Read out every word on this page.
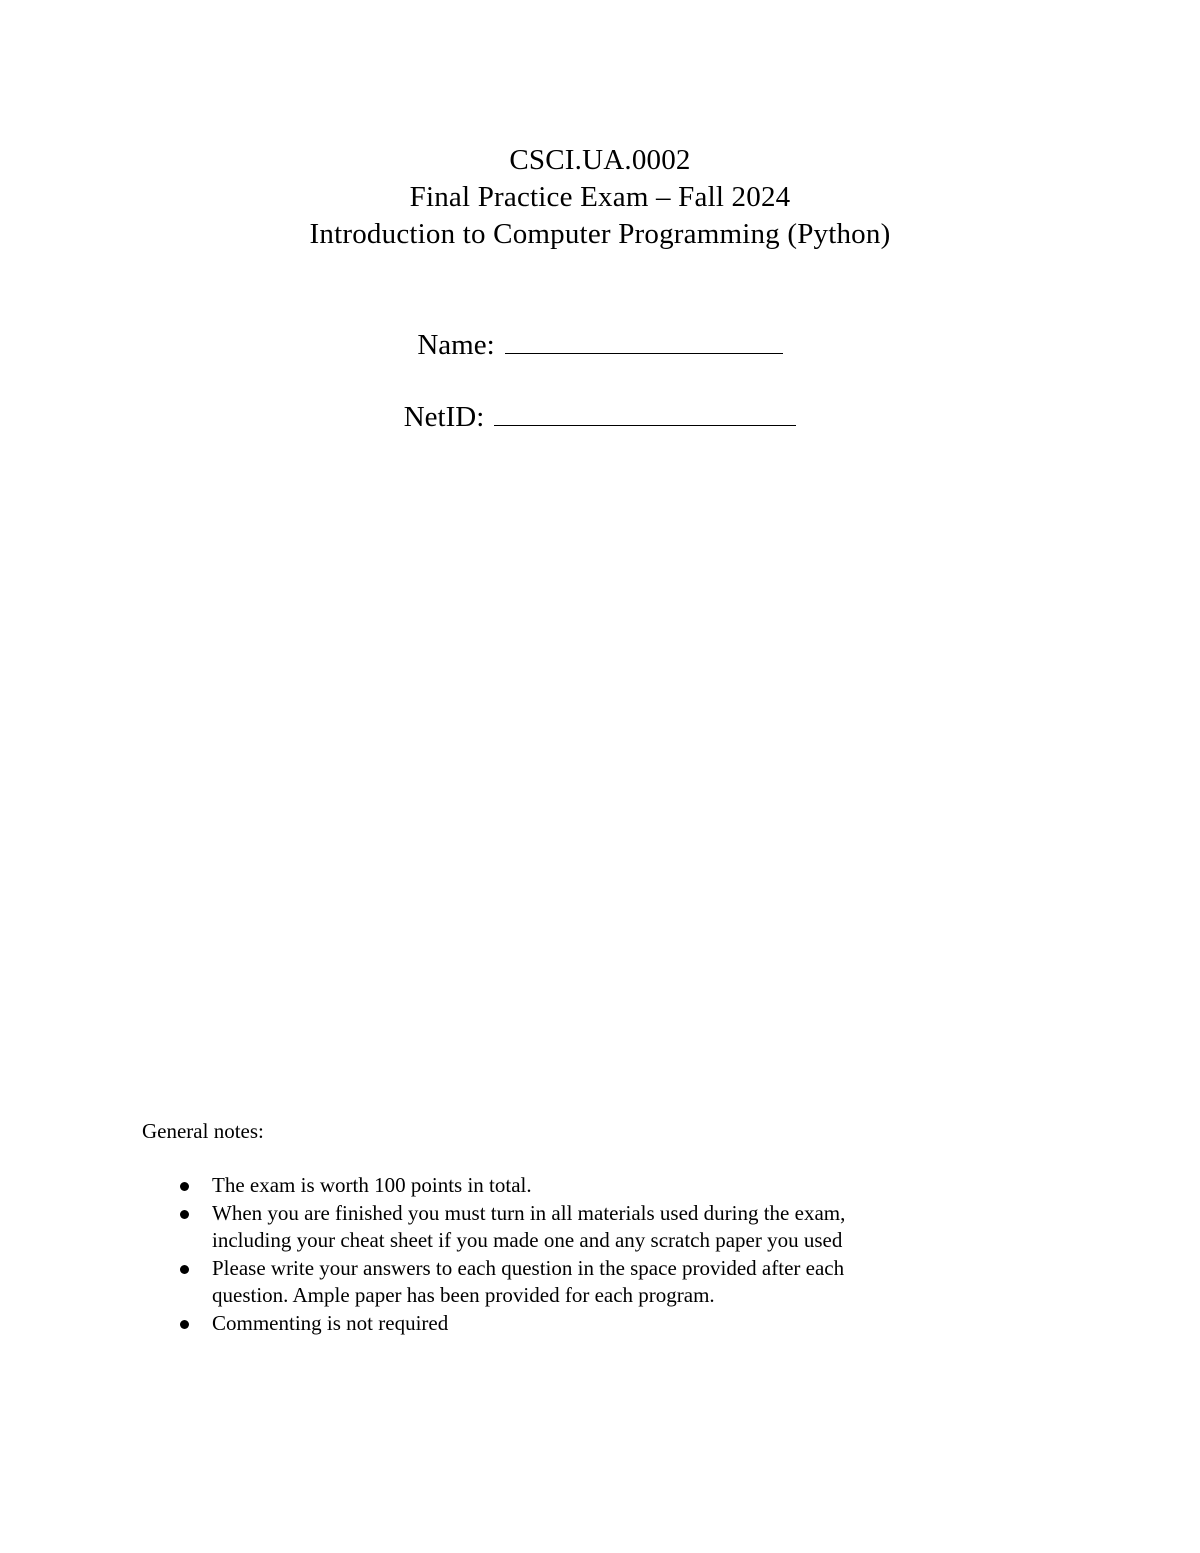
CSCI.UA.0002
Final Practice Exam – Fall 2024
Introduction to Computer Programming (Python)
Name:
NetID:
General notes:
The exam is worth 100 points in total.
When you are finished you must turn in all materials used during the exam,
including your cheat sheet if you made one and any scratch paper you used
Please write your answers to each question in the space provided after each
question. Ample paper has been provided for each program.
Commenting is not required
